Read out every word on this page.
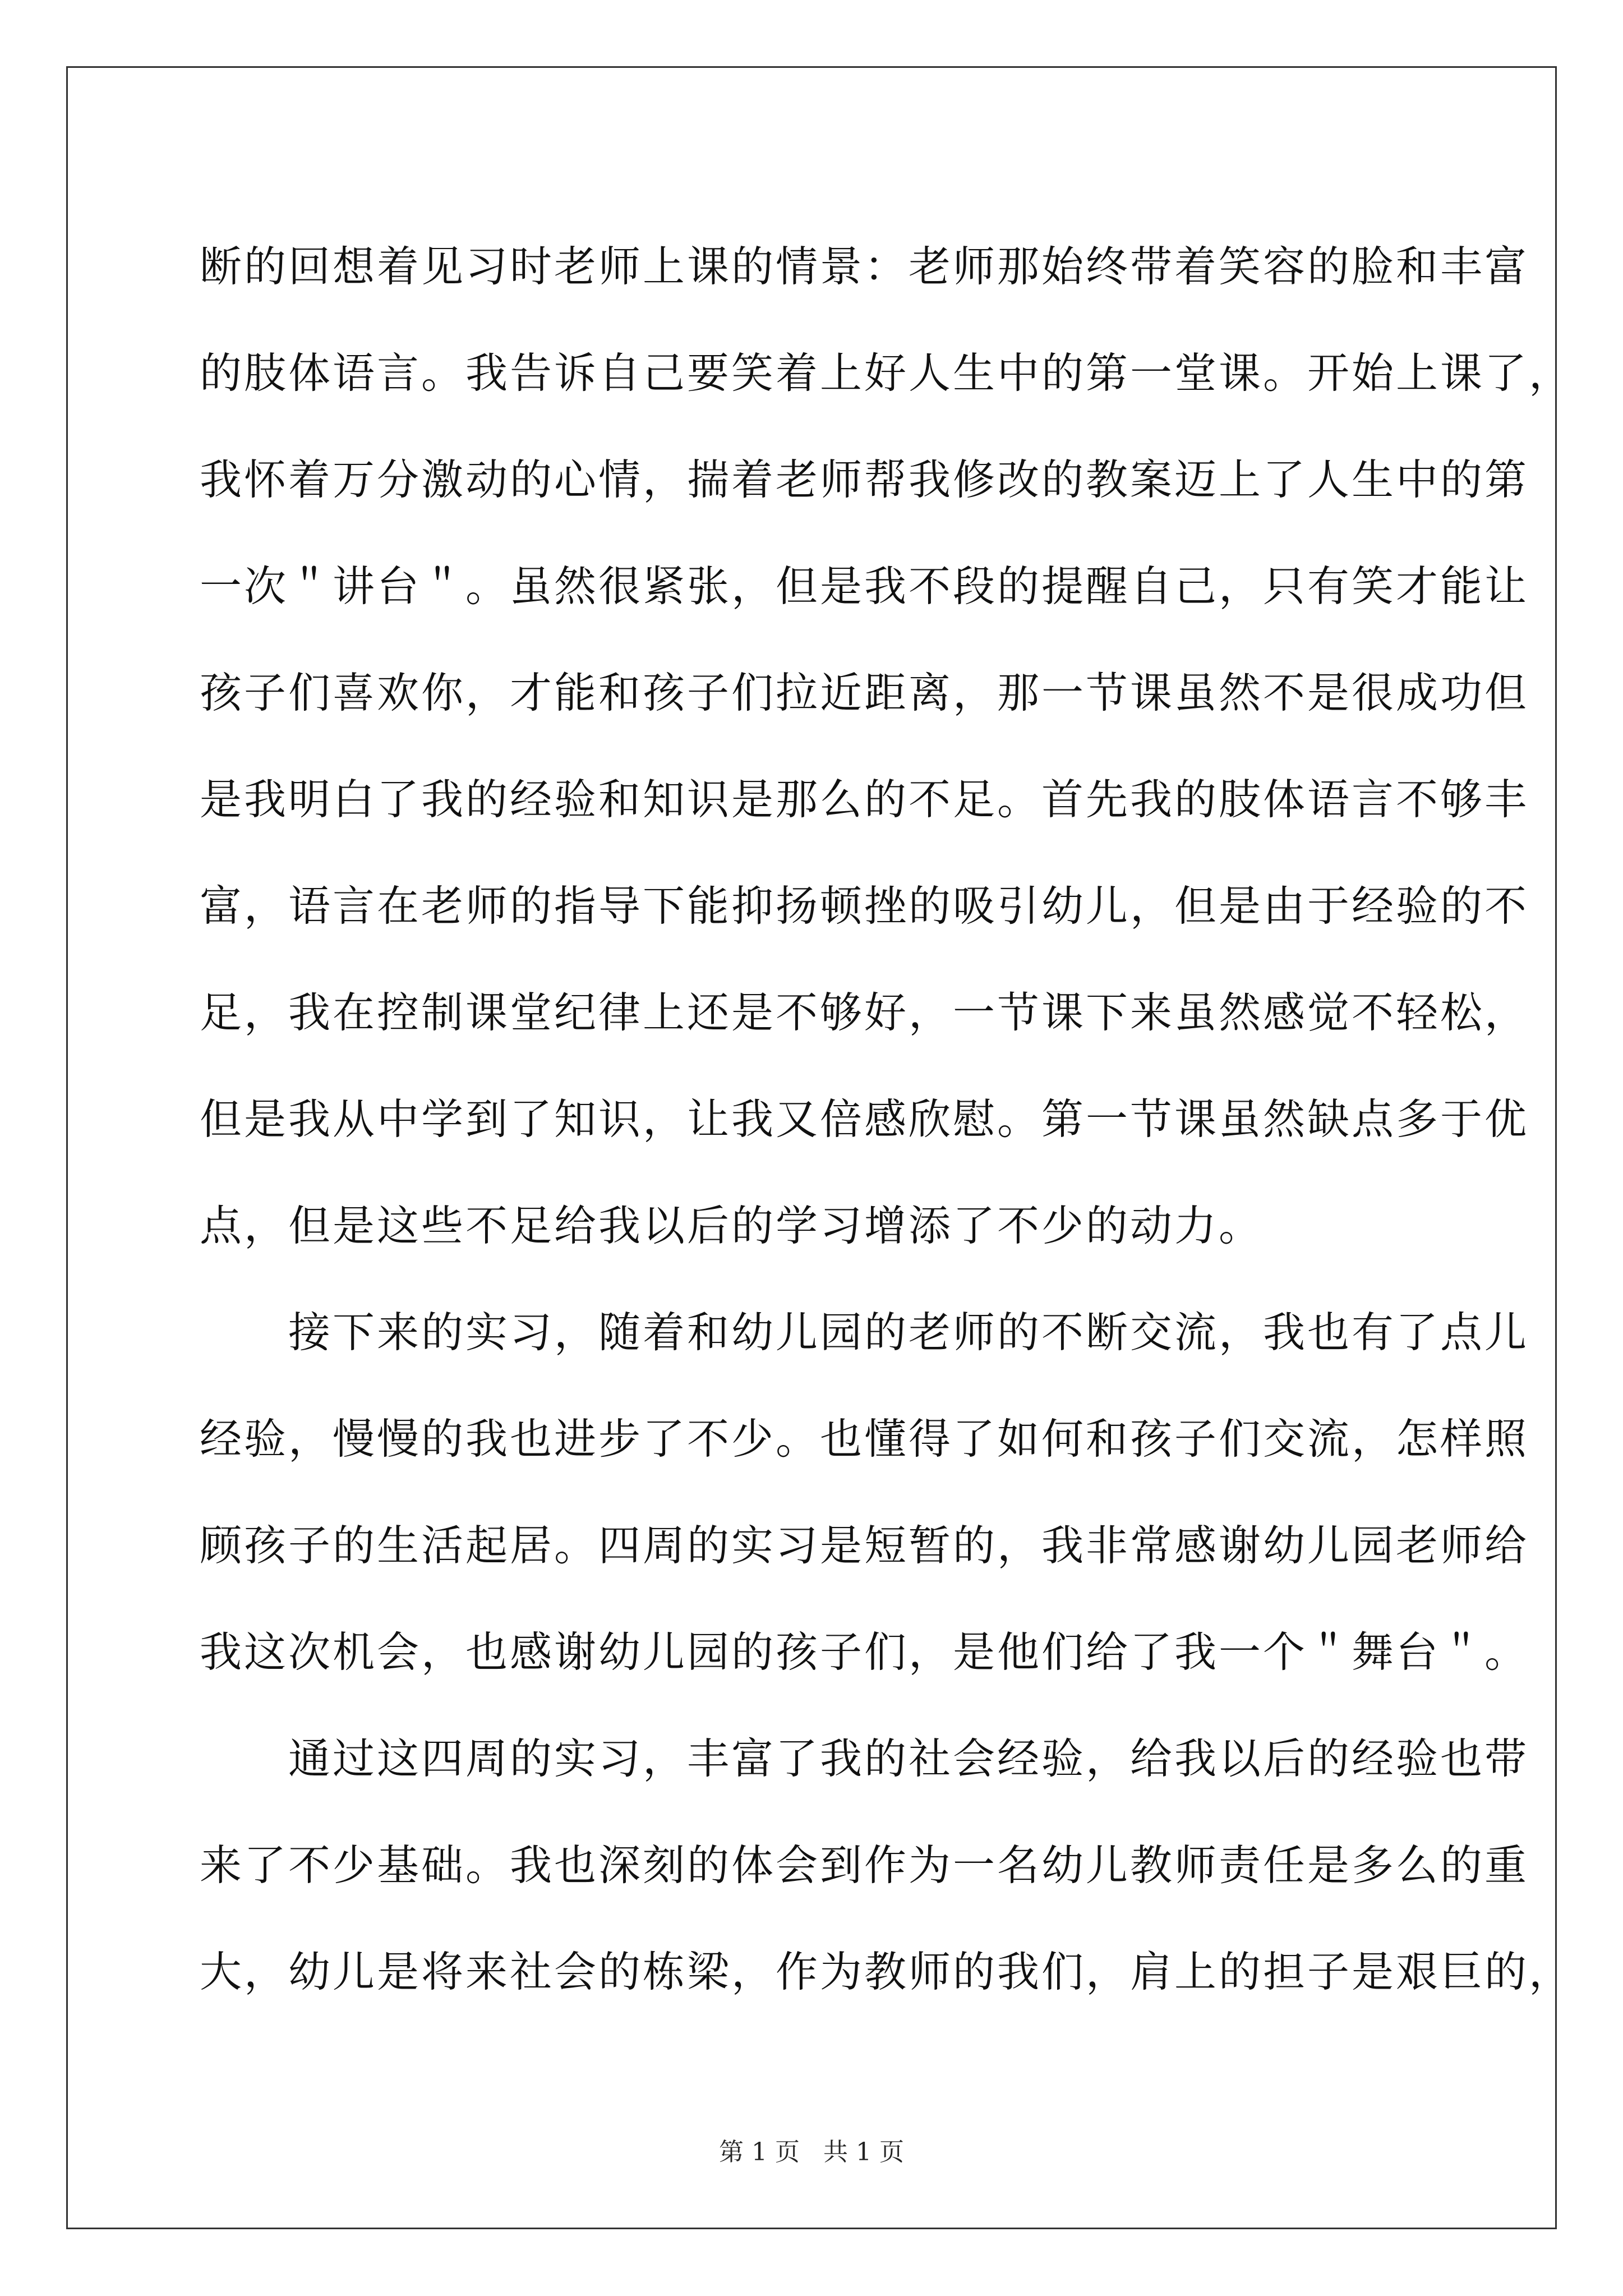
断的回想着见习时老师上课的情景：老师那始终带着笑容的脸和丰富
的肢体语言。我告诉自己要笑着上好人生中的第一堂课。开始上课了，
我怀着万分激动的心情，揣着老师帮我修改的教案迈上了人生中的第
一次＂讲台＂。虽然很紧张，但是我不段的提醒自己，只有笑才能让
孩子们喜欢你，才能和孩子们拉近距离，那一节课虽然不是很成功但
是我明白了我的经验和知识是那么的不足。首先我的肢体语言不够丰
富，语言在老师的指导下能抑扬顿挫的吸引幼儿，但是由于经验的不
足，我在控制课堂纪律上还是不够好，一节课下来虽然感觉不轻松，
但是我从中学到了知识，让我又倍感欣慰。第一节课虽然缺点多于优
点，但是这些不足给我以后的学习增添了不少的动力。
　　接下来的实习，随着和幼儿园的老师的不断交流，我也有了点儿
经验，慢慢的我也进步了不少。也懂得了如何和孩子们交流，怎样照
顾孩子的生活起居。四周的实习是短暂的，我非常感谢幼儿园老师给
我这次机会，也感谢幼儿园的孩子们，是他们给了我一个＂舞台＂。
　　通过这四周的实习，丰富了我的社会经验，给我以后的经验也带
来了不少基础。我也深刻的体会到作为一名幼儿教师责任是多么的重
大，幼儿是将来社会的栋梁，作为教师的我们，肩上的担子是艰巨的，
第 1 页   共 1 页
